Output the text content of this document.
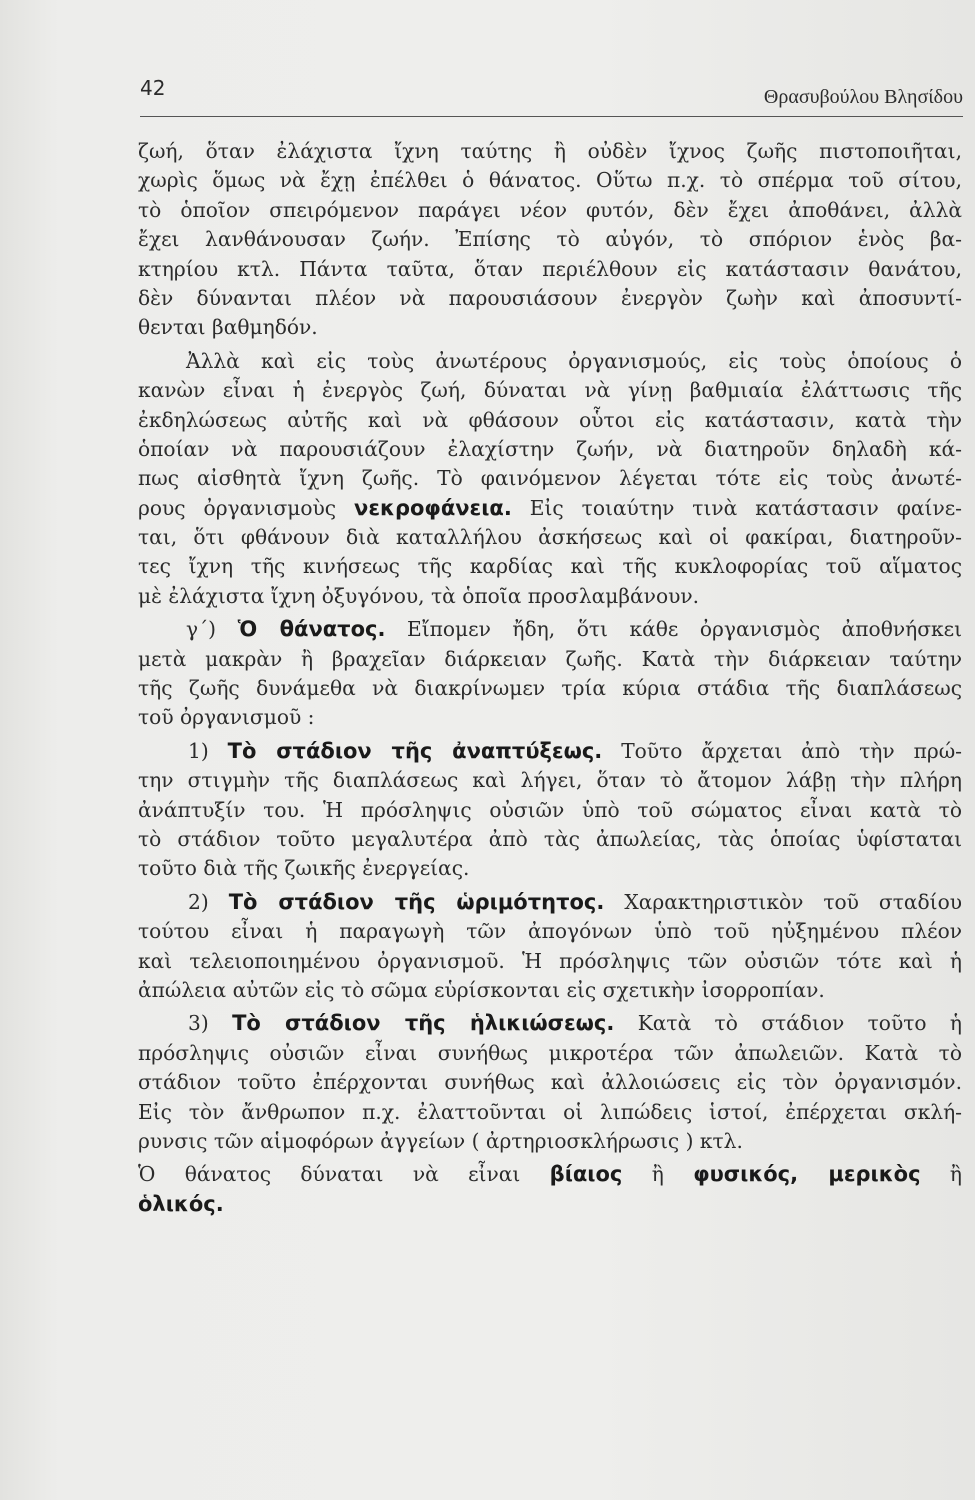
42	Θρασυβούλου Βλησίδου
ζωή, ὅταν ἐλάχιστα ἴχνη ταύτης ἢ οὐδὲν ἴχνος ζωῆς πιστοποιῆται,
χωρὶς ὅμως νὰ ἔχῃ ἐπέλθει ὁ θάνατος. Οὕτω π.χ. τὸ σπέρμα τοῦ σίτου,
τὸ ὁποῖον σπειρόμενον παράγει νέον φυτόν, δὲν ἔχει ἀποθάνει, ἀλλὰ
ἔχει λανθάνουσαν ζωήν. Ἐπίσης τὸ αὐγόν, τὸ σπόριον ἑνὸς βα-
κτηρίου κτλ. Πάντα ταῦτα, ὅταν περιέλθουν εἰς κατάστασιν θανάτου,
δὲν δύνανται πλέον νὰ παρουσιάσουν ἐνεργὸν ζωὴν καὶ ἀποσυντί-
θενται βαθμηδόν.
Ἀλλὰ καὶ εἰς τοὺς ἀνωτέρους ὀργανισμούς, εἰς τοὺς ὁποίους ὁ
κανὼν εἶναι ἡ ἐνεργὸς ζωή, δύναται νὰ γίνῃ βαθμιαία ἐλάττωσις τῆς
ἐκδηλώσεως αὐτῆς καὶ νὰ φθάσουν οὗτοι εἰς κατάστασιν, κατὰ τὴν
ὁποίαν νὰ παρουσιάζουν ἐλαχίστην ζωήν, νὰ διατηροῦν δηλαδὴ κά-
πως αἰσθητὰ ἴχνη ζωῆς. Τὸ φαινόμενον λέγεται τότε εἰς τοὺς ἀνωτέ-
ρους ὀργανισμοὺς νεκροφάνεια. Εἰς τοιαύτην τινὰ κατάστασιν φαίνε-
ται, ὅτι φθάνουν διὰ καταλλήλου ἀσκήσεως καὶ οἱ φακίραι, διατηροῦν-
τες ἴχνη τῆς κινήσεως τῆς καρδίας καὶ τῆς κυκλοφορίας τοῦ αἵματος
μὲ ἐλάχιστα ἴχνη ὀξυγόνου, τὰ ὁποῖα προσλαμβάνουν.
γ΄) Ὁ θάνατος. Εἴπομεν ἤδη, ὅτι κάθε ὀργανισμὸς ἀποθνήσκει
μετὰ μακρὰν ἢ βραχεῖαν διάρκειαν ζωῆς. Κατὰ τὴν διάρκειαν ταύτην
τῆς ζωῆς δυνάμεθα νὰ διακρίνωμεν τρία κύρια στάδια τῆς διαπλάσεως
τοῦ ὀργανισμοῦ :
1) Τὸ στάδιον τῆς ἀναπτύξεως. Τοῦτο ἄρχεται ἀπὸ τὴν πρώ-
την στιγμὴν τῆς διαπλάσεως καὶ λήγει, ὅταν τὸ ἄτομον λάβῃ τὴν πλήρη
ἀνάπτυξίν του. Ἡ πρόσληψις οὐσιῶν ὑπὸ τοῦ σώματος εἶναι κατὰ τὸ
τὸ στάδιον τοῦτο μεγαλυτέρα ἀπὸ τὰς ἀπωλείας, τὰς ὁποίας ὑφίσταται
τοῦτο διὰ τῆς ζωικῆς ἐνεργείας.
2) Τὸ στάδιον τῆς ὡριμότητος. Χαρακτηριστικὸν τοῦ σταδίου
τούτου εἶναι ἡ παραγωγὴ τῶν ἀπογόνων ὑπὸ τοῦ ηὐξημένου πλέον
καὶ τελειοποιημένου ὀργανισμοῦ. Ἡ πρόσληψις τῶν οὐσιῶν τότε καὶ ἡ
ἀπώλεια αὐτῶν εἰς τὸ σῶμα εὑρίσκονται εἰς σχετικὴν ἰσορροπίαν.
3) Τὸ στάδιον τῆς ἡλικιώσεως. Κατὰ τὸ στάδιον τοῦτο ἡ
πρόσληψις οὐσιῶν εἶναι συνήθως μικροτέρα τῶν ἀπωλειῶν. Κατὰ τὸ
στάδιον τοῦτο ἐπέρχονται συνήθως καὶ ἀλλοιώσεις εἰς τὸν ὀργανισμόν.
Εἰς τὸν ἄνθρωπον π.χ. ἐλαττοῦνται οἱ λιπώδεις ἱστοί, ἐπέρχεται σκλή-
ρυνσις τῶν αἱμοφόρων ἀγγείων ( ἀρτηριοσκλήρωσις ) κτλ.
Ὁ θάνατος δύναται νὰ εἶναι βίαιος ἢ φυσικός, μερικὸς ἢ
ὁλικός.
